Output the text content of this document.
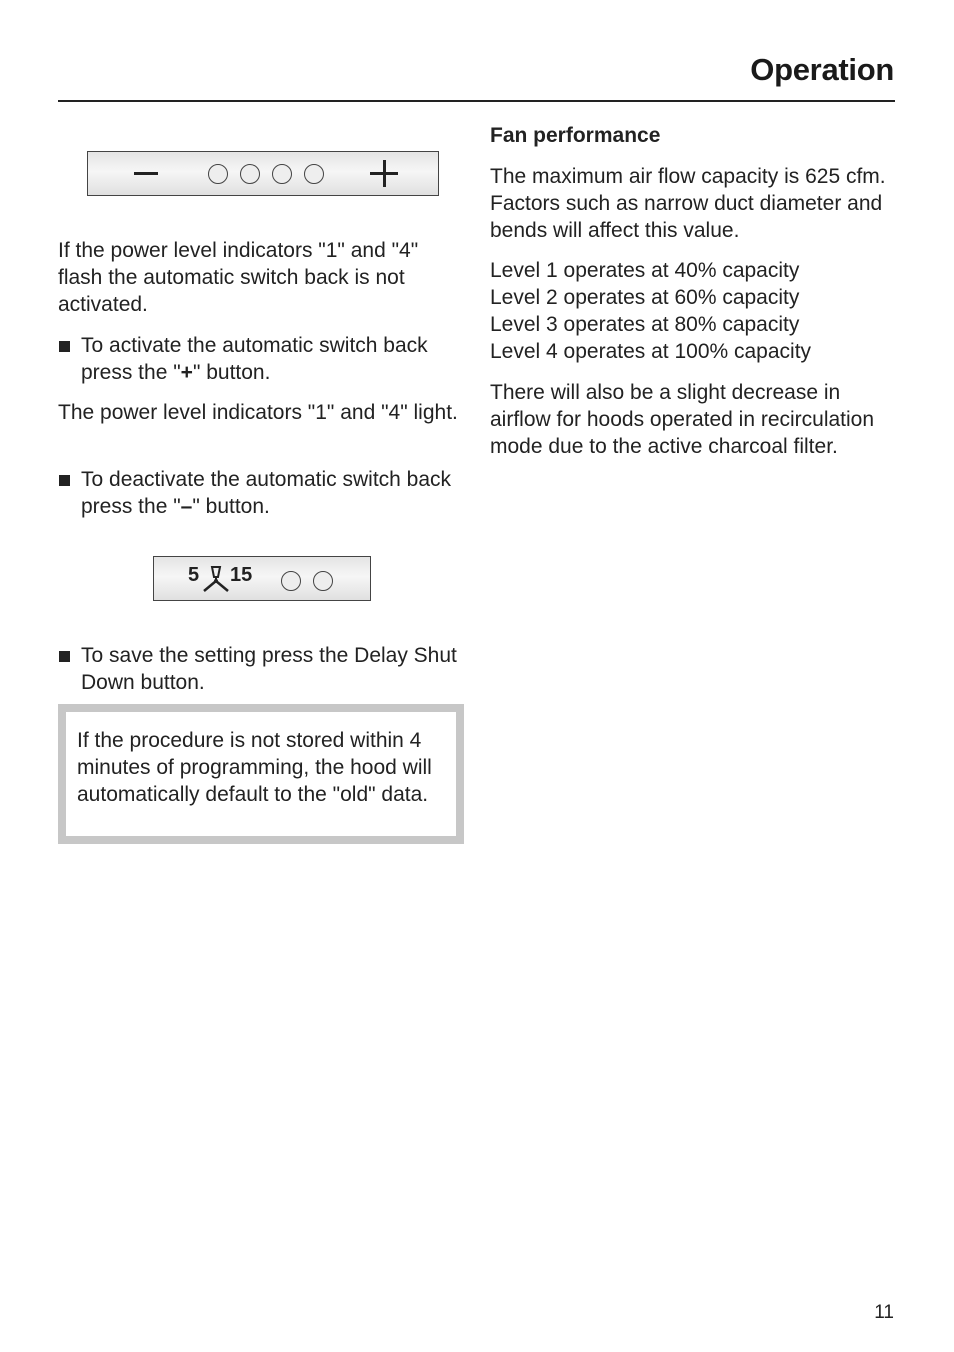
Operation

If the power level indicators "1" and "4" flash the automatic switch back is not activated.

To activate the automatic switch back press the "+" button.

The power level indicators "1" and "4" light.

To deactivate the automatic switch back press the "–" button.

To save the setting press the Delay Shut Down button.

5 15

If the procedure is not stored within 4 minutes of programming, the hood will automatically default to the "old" data.

Fan performance

The maximum air flow capacity is 625 cfm. Factors such as narrow duct diameter and bends will affect this value.

Level 1 operates at 40% capacity

Level 2 operates at 60% capacity

Level 3 operates at 80% capacity

Level 4 operates at 100% capacity

There will also be a slight decrease in airflow for hoods operated in recirculation mode due to the active charcoal filter.

11
